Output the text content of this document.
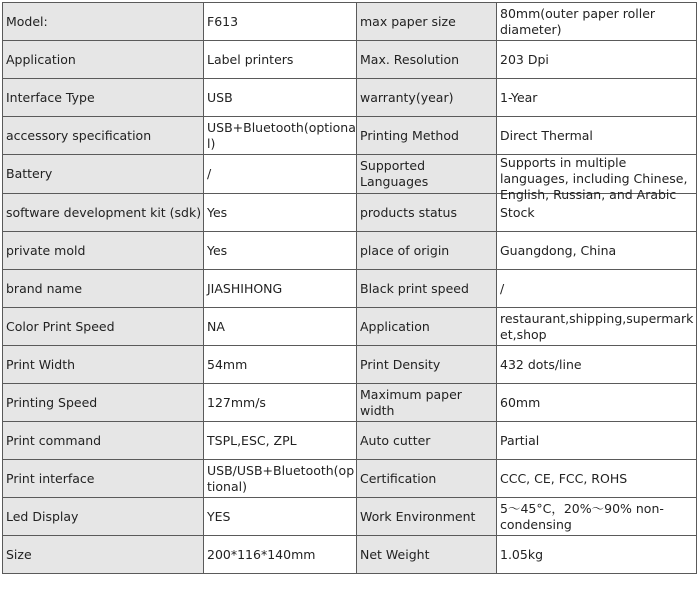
Model:	F613	max paper size	80mm(outer paper roller diameter)

Application	Label printers	Max. Resolution	203 Dpi

Interface Type	USB	warranty(year)	1-Year

accessory specification	USB+Bluetooth(optional)	Printing Method	Direct Thermal

Battery	/	Supported Languages	Supports in multiple languages, including Chinese, English, Russian, and Arabic

software development kit (sdk)	Yes	products status	Stock

private mold	Yes	place of origin	Guangdong, China

brand name	JIASHIHONG	Black print speed	/

Color Print Speed	NA	Application	restaurant,shipping,supermarket,shop

Print Width	54mm	Print Density	432 dots/line

Printing Speed	127mm/s	Maximum paper width	60mm

Print command	TSPL,ESC, ZPL	Auto cutter	Partial

Print interface	USB/USB+Bluetooth(optional)	Certification	CCC, CE, FCC, ROHS

Led Display	YES	Work Environment	5～45°C，20%～90% non-condensing

Size	200*116*140mm	Net Weight	1.05kg
